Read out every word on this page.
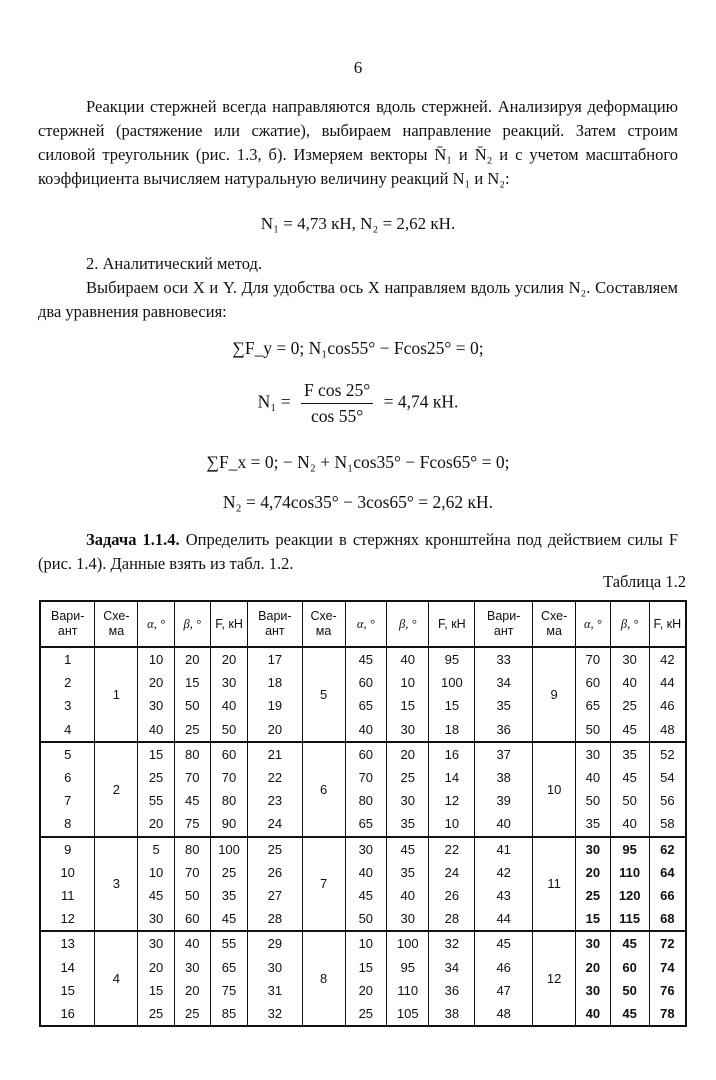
6
Реакции стержней всегда направляются вдоль стержней. Анализируя деформацию стержней (растяжение или сжатие), выбираем направление реакций. Затем строим силовой треугольник (рис. 1.3, б). Измеряем векторы N̄₁ и N̄₂ и с учетом масштабного коэффициента вычисляем натуральную величину реакций N₁ и N₂:
N₁ = 4,73 кН, N₂ = 2,62 кН.
2. Аналитический метод.
Выбираем оси X и Y. Для удобства ось X направляем вдоль усилия N₂. Составляем два уравнения равновесия:
∑F_y = 0; N₁cos55° − Fcos25° = 0;
$N_1 = \frac{\text{F cos 25°}}{\cos 55^\circ} = 4,74$ кН.
∑F_x = 0; − N₂ + N₁cos35° − Fcos65° = 0;
N₂ = 4,74cos35° − 3cos65° = 2,62 кН.
Задача 1.1.4. Определить реакции в стержнях кронштейна под действием силы F (рис. 1.4). Данные взять из табл. 1.2.
Таблица 1.2
Вари-ант	Схе-ма	α, °	β, °	F, кН	Вари-ант	Схе-ма	α, °	β, °	F, кН	Вари-ант	Схе-ма	α, °	β, °	F, кН
1	1	10	20	20	17	5	45	40	95	33	9	70	30	42
2		20	15	30	18		60	10	100	34		60	40	44
3		30	50	40	19		65	15	15	35		65	25	46
4		40	25	50	20		40	30	18	36		50	45	48
5	2	15	80	60	21	6	60	20	16	37	10	30	35	52
6		25	70	70	22		70	25	14	38		40	45	54
7		55	45	80	23		80	30	12	39		50	50	56
8		20	75	90	24		65	35	10	40		35	40	58
9	3	5	80	100	25	7	30	45	22	41	11	30	95	62
10		10	70	25	26		40	35	24	42		20	110	64
11		45	50	35	27		45	40	26	43		25	120	66
12		30	60	45	28		50	30	28	44		15	115	68
13	4	30	40	55	29	8	10	100	32	45	12	30	45	72
14		20	30	65	30		15	95	34	46		20	60	74
15		15	20	75	31		20	110	36	47		30	50	76
16		25	25	85	32		25	105	38	48		40	45	78
